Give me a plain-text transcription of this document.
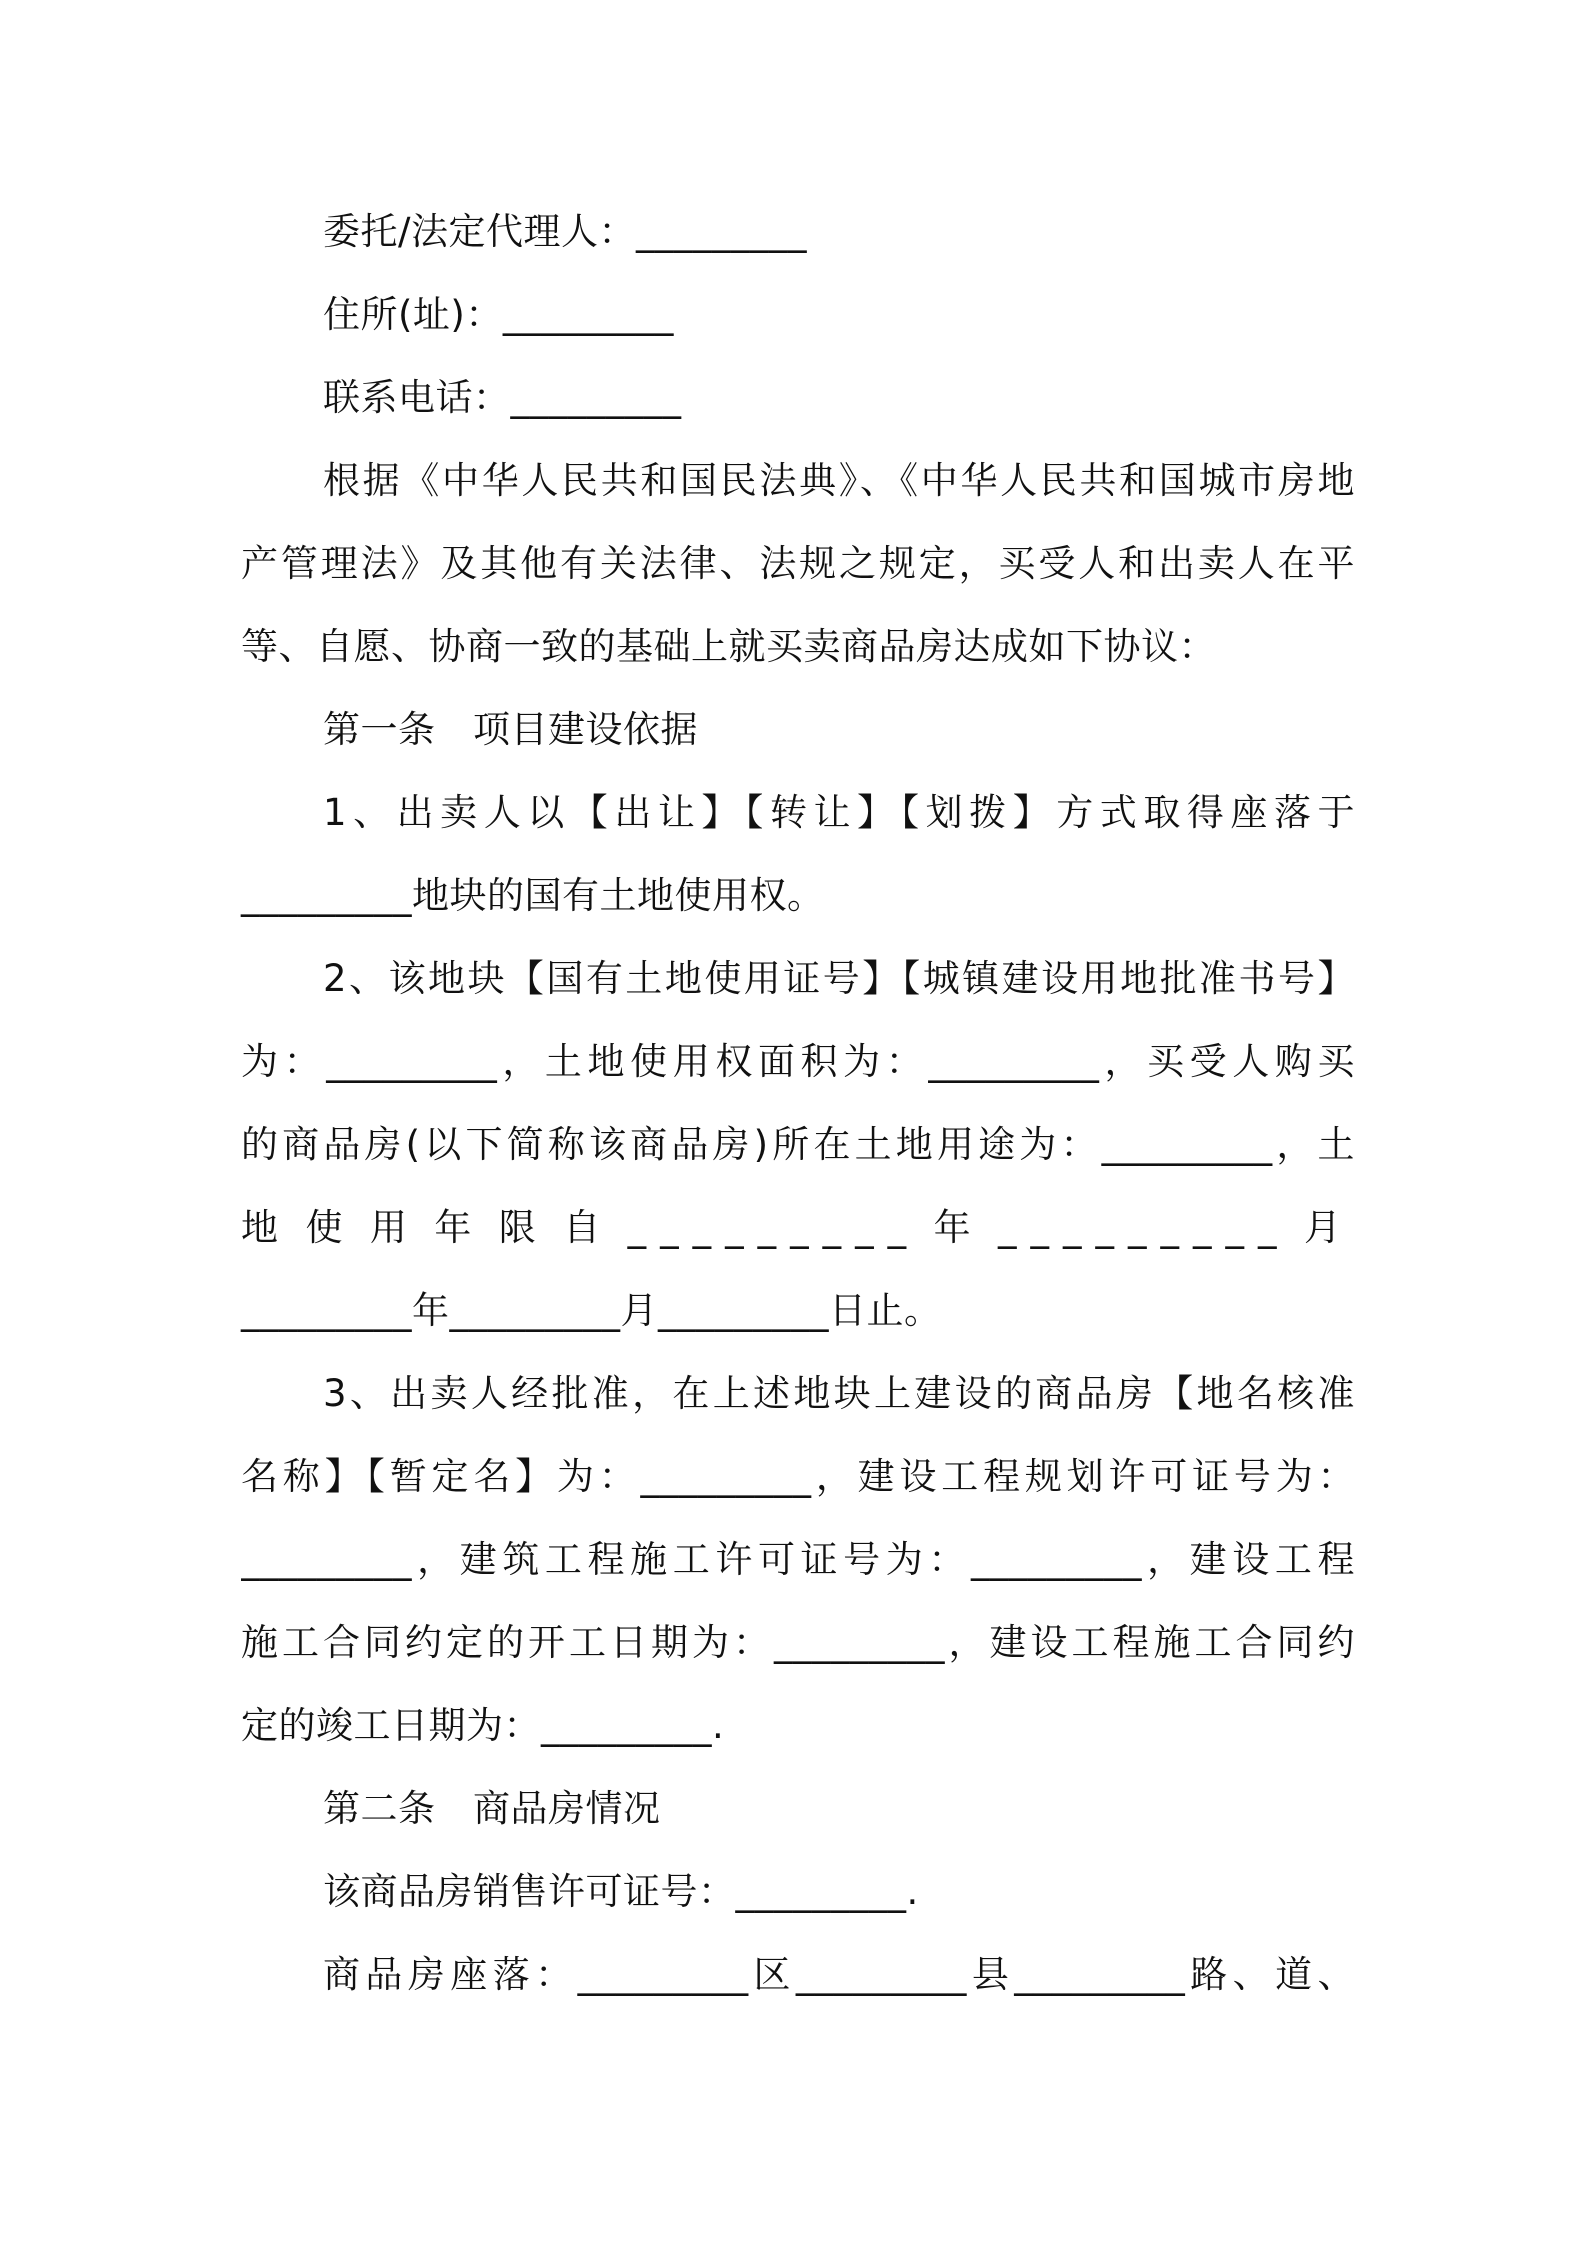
委托/法定代理人：_________
住所(址)：_________
联系电话：_________
根据《中华人民共和国民法典》、《中华人民共和国城市房地
产管理法》及其他有关法律、法规之规定，买受人和出卖人在平
等、自愿、协商一致的基础上就买卖商品房达成如下协议：
第一条　项目建设依据
1、出卖人以【出让】【转让】【划拨】方式取得座落于
_________地块的国有土地使用权。
2、该地块【国有土地使用证号】【城镇建设用地批准书号】
为：_________，土地使用权面积为：_________，买受人购买
的商品房(以下简称该商品房)所在土地用途为：_________，土
地使用年限自_________年_________月
_________年_________月_________日止。
3、出卖人经批准，在上述地块上建设的商品房【地名核准
名称】【暂定名】为：_________，建设工程规划许可证号为：
_________，建筑工程施工许可证号为：_________，建设工程
施工合同约定的开工日期为：_________，建设工程施工合同约
定的竣工日期为：_________.
第二条　商品房情况
该商品房销售许可证号：_________.
商品房座落：_________区_________县_________路、道、
